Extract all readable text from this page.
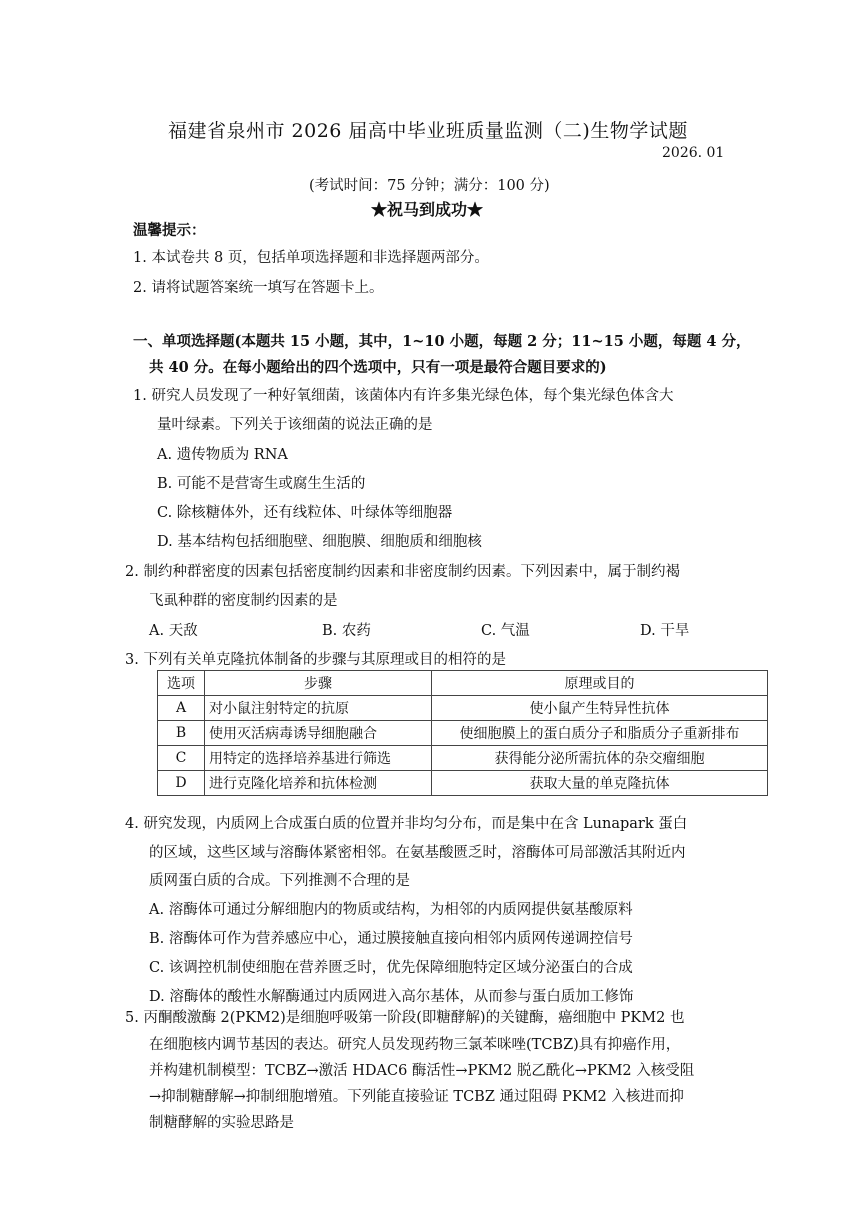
福建省泉州市 2026 届高中毕业班质量监测（二)生物学试题
2026. 01
(考试时间：75 分钟；满分：100 分)
★祝马到成功★
温馨提示：
1. 本试卷共 8 页，包括单项选择题和非选择题两部分。
2. 请将试题答案统一填写在答题卡上。
一、单项选择题(本题共 15 小题，其中，1~10 小题，每题 2 分；11~15 小题，每题 4 分，
共 40 分。在每小题给出的四个选项中，只有一项是最符合题目要求的)
1. 研究人员发现了一种好氧细菌，该菌体内有许多集光绿色体，每个集光绿色体含大
量叶绿素。下列关于该细菌的说法正确的是
A. 遗传物质为 RNA
B. 可能不是营寄生或腐生生活的
C. 除核糖体外，还有线粒体、叶绿体等细胞器
D. 基本结构包括细胞壁、细胞膜、细胞质和细胞核
2. 制约种群密度的因素包括密度制约因素和非密度制约因素。下列因素中，属于制约褐
飞虱种群的密度制约因素的是
A. 天敌	B. 农药	C. 气温	D. 干旱
3. 下列有关单克隆抗体制备的步骤与其原理或目的相符的是
选项	步骤	原理或目的
A	对小鼠注射特定的抗原	使小鼠产生特异性抗体
B	使用灭活病毒诱导细胞融合	使细胞膜上的蛋白质分子和脂质分子重新排布
C	用特定的选择培养基进行筛选	获得能分泌所需抗体的杂交瘤细胞
D	进行克隆化培养和抗体检测	获取大量的单克隆抗体
4. 研究发现，内质网上合成蛋白质的位置并非均匀分布，而是集中在含 Lunapark 蛋白
的区域，这些区域与溶酶体紧密相邻。在氨基酸匮乏时，溶酶体可局部激活其附近内
质网蛋白质的合成。下列推测不合理的是
A. 溶酶体可通过分解细胞内的物质或结构，为相邻的内质网提供氨基酸原料
B. 溶酶体可作为营养感应中心，通过膜接触直接向相邻内质网传递调控信号
C. 该调控机制使细胞在营养匮乏时，优先保障细胞特定区域分泌蛋白的合成
D. 溶酶体的酸性水解酶通过内质网进入高尔基体，从而参与蛋白质加工修饰
5. 丙酮酸激酶 2(PKM2)是细胞呼吸第一阶段(即糖酵解)的关键酶，癌细胞中 PKM2 也
在细胞核内调节基因的表达。研究人员发现药物三氯苯咪唑(TCBZ)具有抑癌作用，
并构建机制模型：TCBZ→激活 HDAC6 酶活性→PKM2 脱乙酰化→PKM2 入核受阻
→抑制糖酵解→抑制细胞增殖。下列能直接验证 TCBZ 通过阻碍 PKM2 入核进而抑
制糖酵解的实验思路是
